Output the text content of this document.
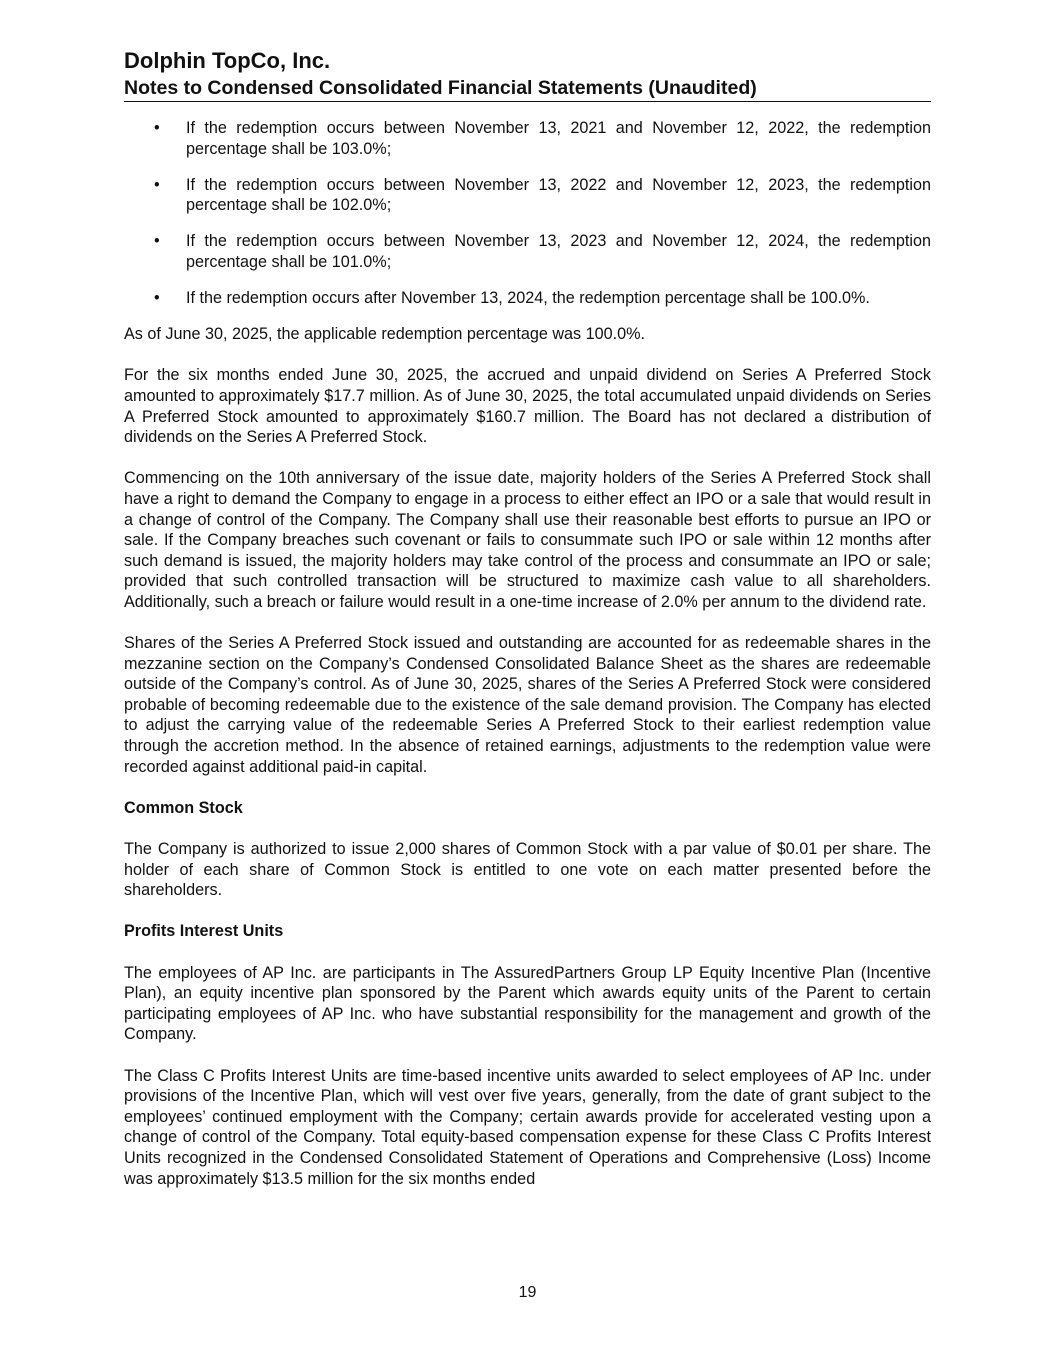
Dolphin TopCo, Inc.
Notes to Condensed Consolidated Financial Statements (Unaudited)
• If the redemption occurs between November 13, 2021 and November 12, 2022, the redemption percentage shall be 103.0%;
• If the redemption occurs between November 13, 2022 and November 12, 2023, the redemption percentage shall be 102.0%;
• If the redemption occurs between November 13, 2023 and November 12, 2024, the redemption percentage shall be 101.0%;
• If the redemption occurs after November 13, 2024, the redemption percentage shall be 100.0%.

As of June 30, 2025, the applicable redemption percentage was 100.0%.

For the six months ended June 30, 2025, the accrued and unpaid dividend on Series A Preferred Stock amounted to approximately $17.7 million. As of June 30, 2025, the total accumulated unpaid dividends on Series A Preferred Stock amounted to approximately $160.7 million. The Board has not declared a distribution of dividends on the Series A Preferred Stock.

Commencing on the 10th anniversary of the issue date, majority holders of the Series A Preferred Stock shall have a right to demand the Company to engage in a process to either effect an IPO or a sale that would result in a change of control of the Company. The Company shall use their reasonable best efforts to pursue an IPO or sale. If the Company breaches such covenant or fails to consummate such IPO or sale within 12 months after such demand is issued, the majority holders may take control of the process and consummate an IPO or sale; provided that such controlled transaction will be structured to maximize cash value to all shareholders. Additionally, such a breach or failure would result in a one-time increase of 2.0% per annum to the dividend rate.

Shares of the Series A Preferred Stock issued and outstanding are accounted for as redeemable shares in the mezzanine section on the Company’s Condensed Consolidated Balance Sheet as the shares are redeemable outside of the Company’s control. As of June 30, 2025, shares of the Series A Preferred Stock were considered probable of becoming redeemable due to the existence of the sale demand provision. The Company has elected to adjust the carrying value of the redeemable Series A Preferred Stock to their earliest redemption value through the accretion method. In the absence of retained earnings, adjustments to the redemption value were recorded against additional paid-in capital.

Common Stock

The Company is authorized to issue 2,000 shares of Common Stock with a par value of $0.01 per share. The holder of each share of Common Stock is entitled to one vote on each matter presented before the shareholders.

Profits Interest Units

The employees of AP Inc. are participants in The AssuredPartners Group LP Equity Incentive Plan (Incentive Plan), an equity incentive plan sponsored by the Parent which awards equity units of the Parent to certain participating employees of AP Inc. who have substantial responsibility for the management and growth of the Company.

The Class C Profits Interest Units are time-based incentive units awarded to select employees of AP Inc. under provisions of the Incentive Plan, which will vest over five years, generally, from the date of grant subject to the employees’ continued employment with the Company; certain awards provide for accelerated vesting upon a change of control of the Company. Total equity-based compensation expense for these Class C Profits Interest Units recognized in the Condensed Consolidated Statement of Operations and Comprehensive (Loss) Income was approximately $13.5 million for the six months ended

19
